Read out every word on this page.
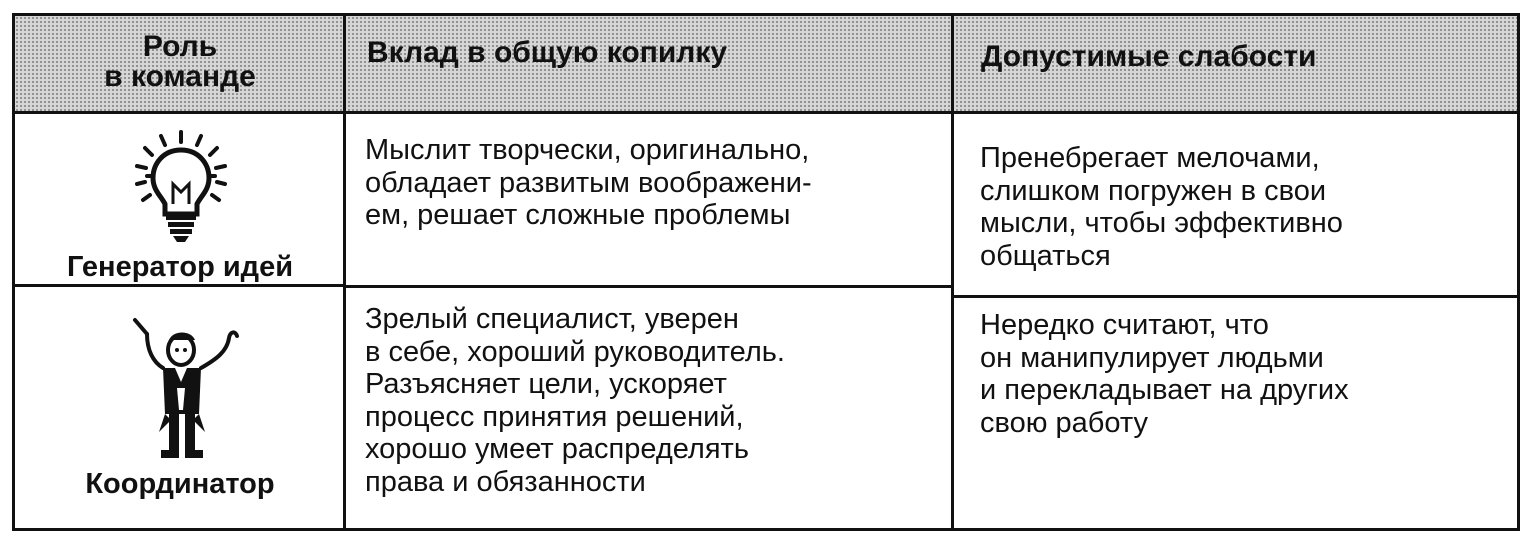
Роль
в команде
Вклад в общую копилку	Допустимые слабости
Генератор идей
Мыслит творчески, оригинально,
обладает развитым воображени-
ем, решает сложные проблемы
Пренебрегает мелочами,
слишком погружен в свои
мысли, чтобы эффективно
общаться
Координатор
Зрелый специалист, уверен
в себе, хороший руководитель.
Разъясняет цели, ускоряет
процесс принятия решений,
хорошо умеет распределять
права и обязанности
Нередко считают, что
он манипулирует людьми
и перекладывает на других
свою работу
